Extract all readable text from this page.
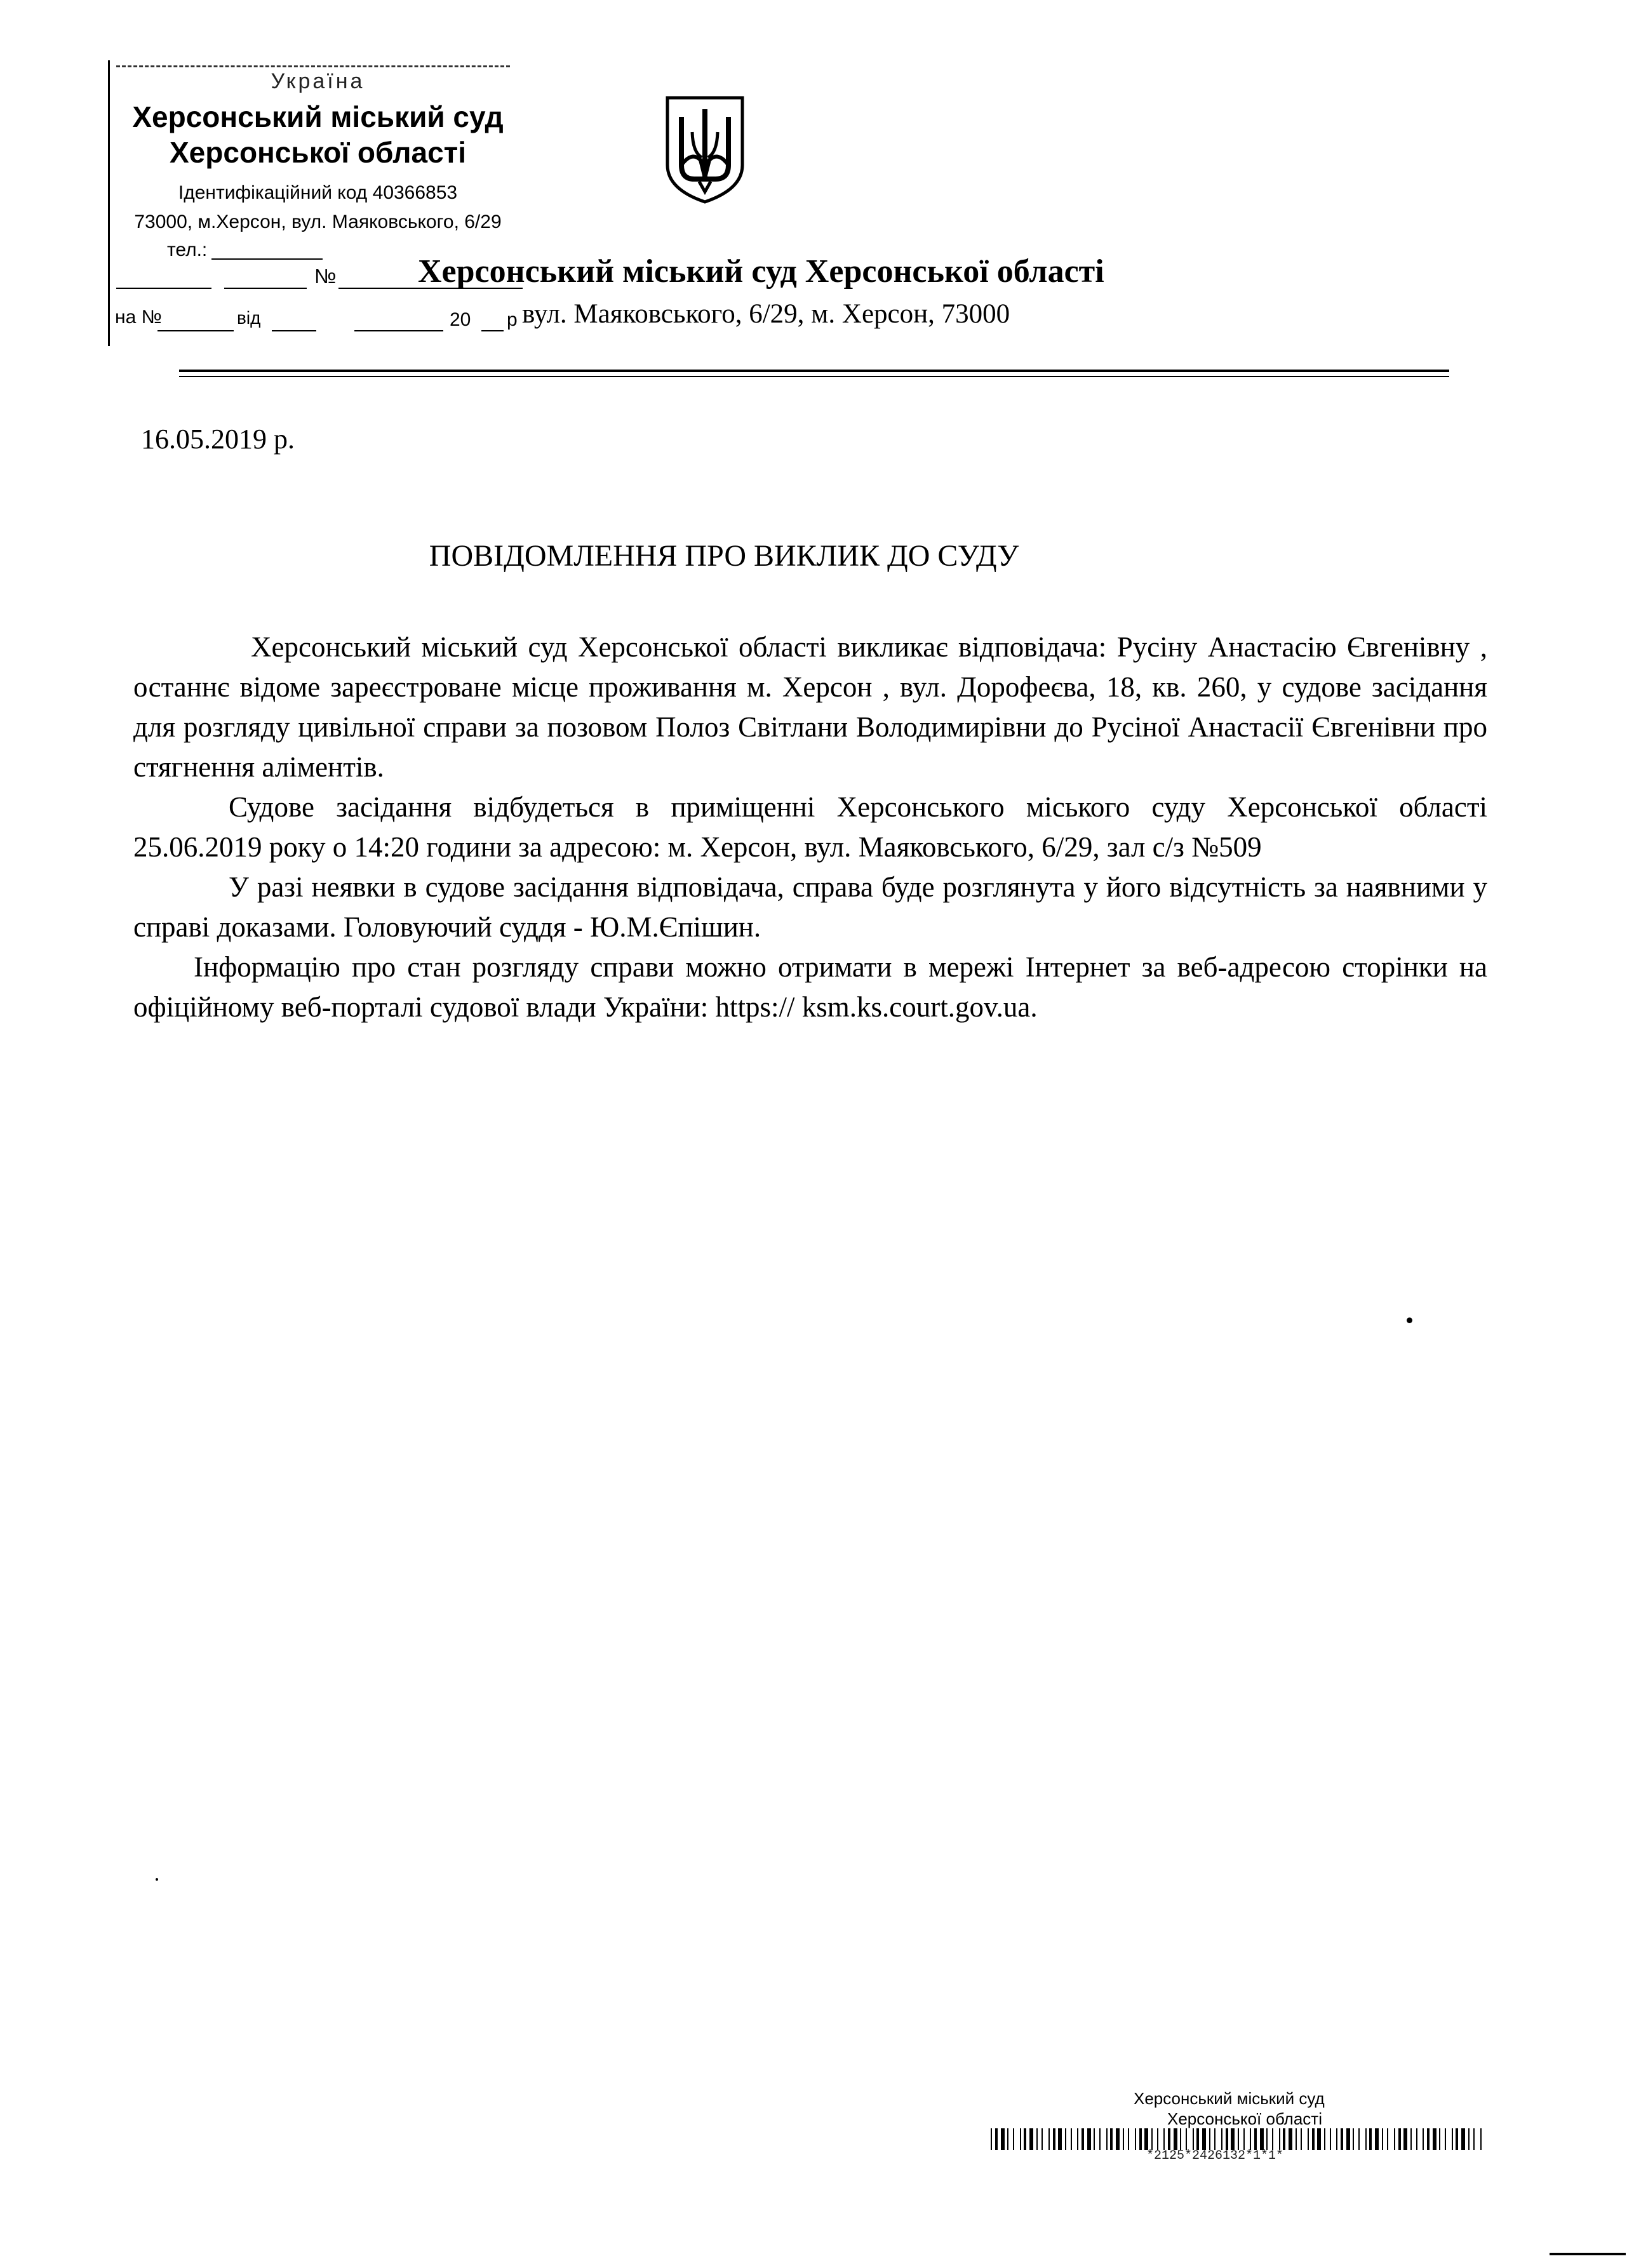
Україна
Херсонський міський суд
Херсонської області
Ідентифікаційний код 40366853
73000, м.Херсон, вул. Маяковського, 6/29
тел.:
№
на №	від	20 р
Херсонський міський суд Херсонської області
вул. Маяковського, 6/29, м. Херсон, 73000
16.05.2019 р.
ПОВІДОМЛЕННЯ ПРО ВИКЛИК ДО СУДУ

Херсонський міський суд Херсонської області викликає відповідача: Русіну Анастасію Євгенівну , останнє відоме зареєстроване місце проживання м. Херсон , вул. Дорофеєва, 18, кв. 260, у судове засідання для розгляду цивільної справи за позовом Полоз Світлани Володимирівни до Русіної Анастасії Євгенівни про стягнення аліментів.

Судове засідання відбудеться в приміщенні Херсонського міського суду Херсонської області 25.06.2019 року о 14:20 години за адресою: м. Херсон, вул. Маяковського, 6/29, зал с/з №509

У разі неявки в судове засідання відповідача, справа буде розглянута у його відсутність за наявними у справі доказами. Головуючий суддя - Ю.М.Єпішин.

Інформацію про стан розгляду справи можно отримати в мережі Інтернет за веб-адресою сторінки на офіційному веб-порталі судової влади України: https:// ksm.ks.court.gov.ua.

Херсонський міський суд
Херсонської області
*2125*2426132*1*1*
